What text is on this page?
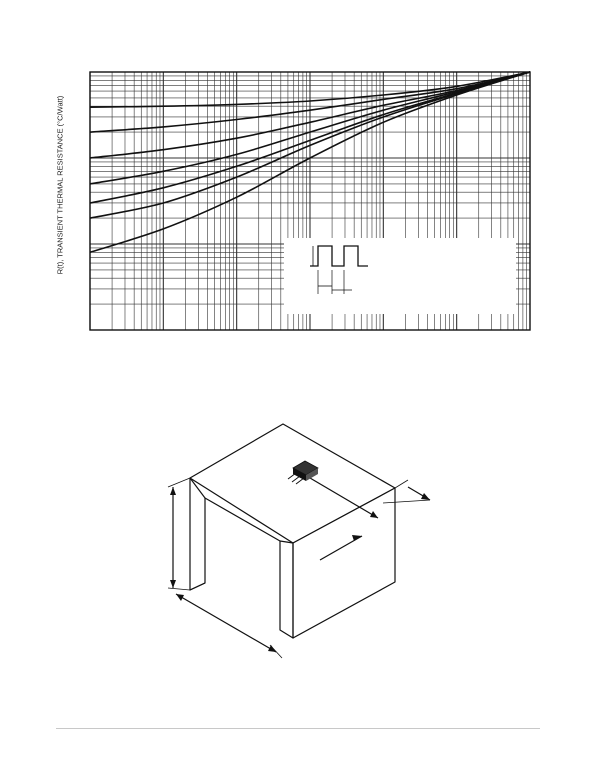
R(t), TRANSIENT THERMAL RESISTANCE (°C/Watt)
